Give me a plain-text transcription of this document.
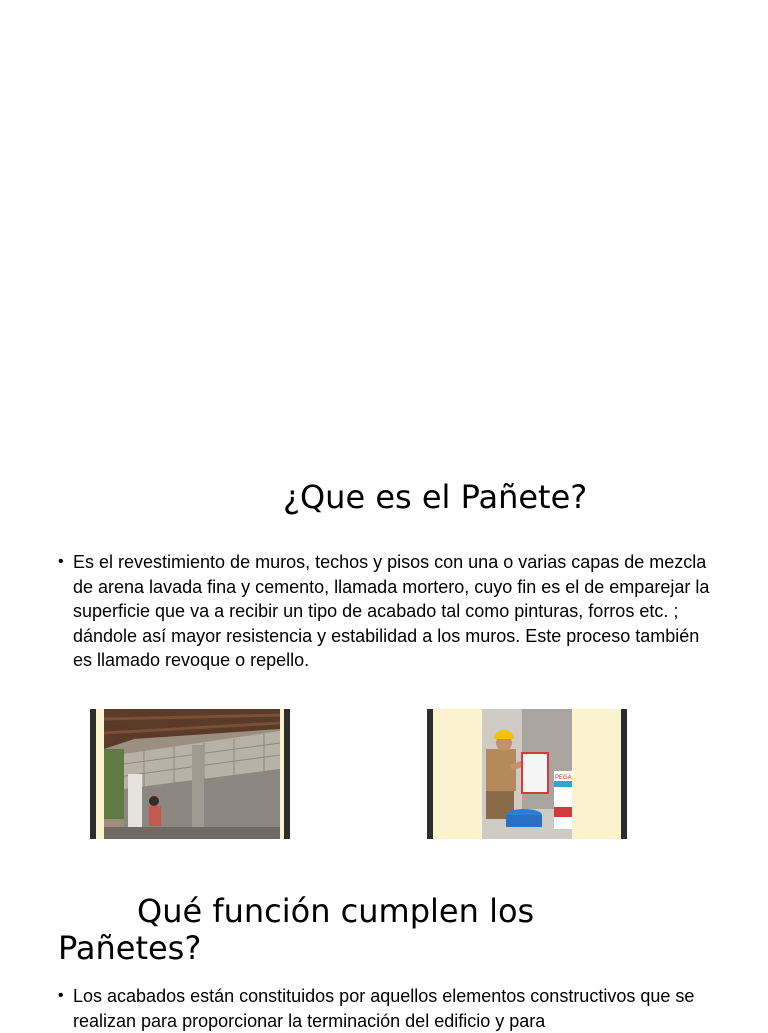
¿Que es el Pañete?
• Es el revestimiento de muros, techos y pisos con una o varias capas de mezcla de arena lavada fina y cemento, llamada mortero, cuyo fin es el de emparejar la superficie que va a recibir un tipo de acabado tal como pinturas, forros etc. ; dándole así mayor resistencia y estabilidad a los muros. Este proceso también es llamado revoque o repello.

PEGA
Qué función cumplen los
Pañetes?
• Los acabados están constituidos por aquellos elementos constructivos que se realizan para proporcionar la terminación del edificio y para
